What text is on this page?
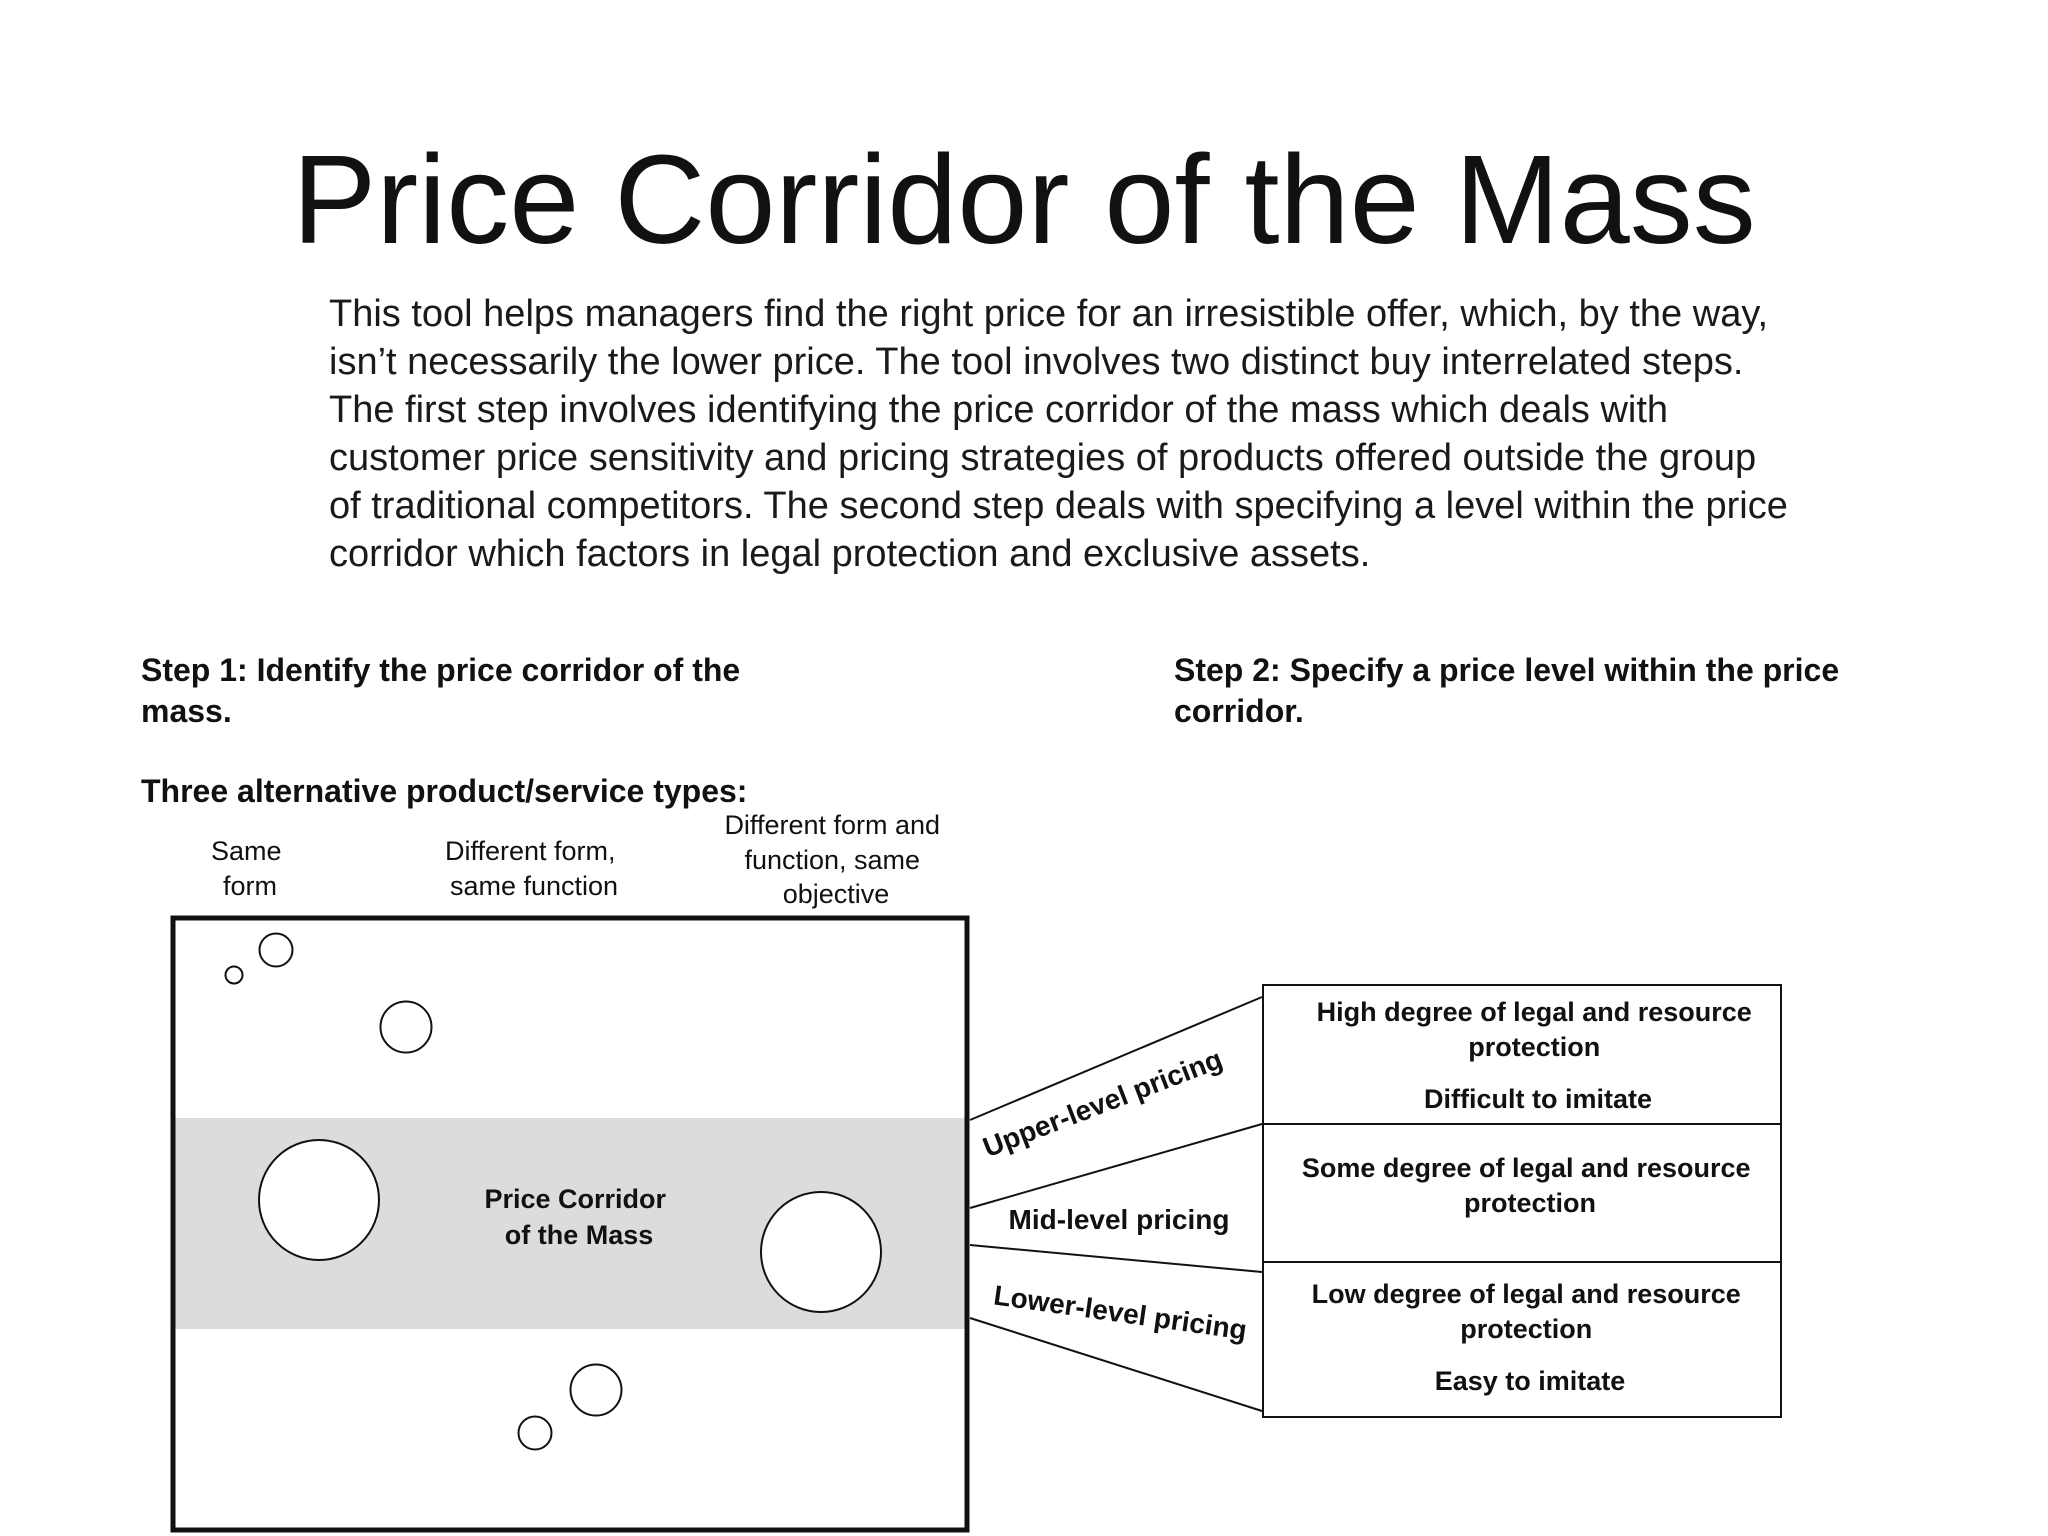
Price Corridor of the Mass

This tool helps managers find the right price for an irresistible offer, which, by the way, isn’t necessarily the lower price. The tool involves two distinct buy interrelated steps. The first step involves identifying the price corridor of the mass which deals with customer price sensitivity and pricing strategies of products offered outside the group of traditional competitors. The second step deals with specifying a level within the price corridor which factors in legal protection and exclusive assets.

Step 1: Identify the price corridor of the mass.

Step 2: Specify a price level within the price corridor.

Three alternative product/service types:

Same form
Different form, same function
Different form and function, same objective
Price Corridor of the Mass
Upper-level pricing
Mid-level pricing
Lower-level pricing
High degree of legal and resource protection Difficult to imitate
Some degree of legal and resource protection
Low degree of legal and resource protection Easy to imitate
